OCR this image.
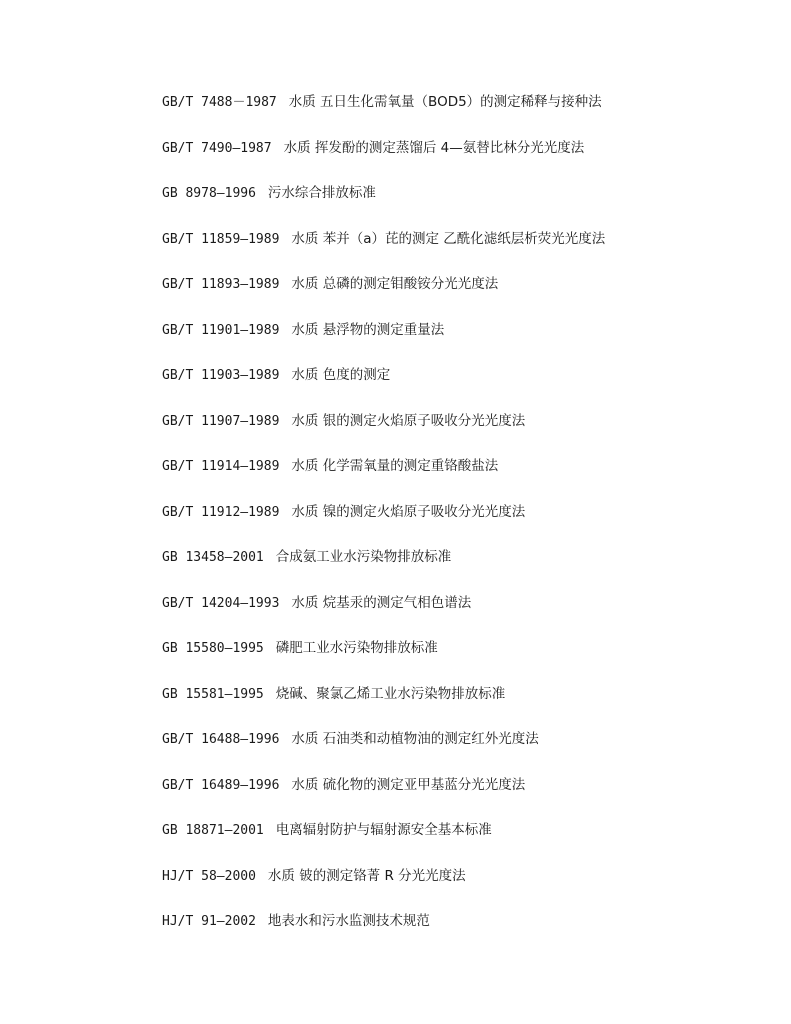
GB/T 7488－1987 水质 五日生化需氧量（BOD5）的测定稀释与接种法
GB/T 7490—1987 水质 挥发酚的测定蒸馏后 4—氨替比林分光光度法
GB 8978—1996 污水综合排放标准
GB/T 11859—1989 水质 苯并（a）芘的测定 乙酰化滤纸层析荧光光度法
GB/T 11893—1989 水质 总磷的测定钼酸铵分光光度法
GB/T 11901—1989 水质 悬浮物的测定重量法
GB/T 11903—1989 水质 色度的测定
GB/T 11907—1989 水质 银的测定火焰原子吸收分光光度法
GB/T 11914—1989 水质 化学需氧量的测定重铬酸盐法
GB/T 11912—1989 水质 镍的测定火焰原子吸收分光光度法
GB 13458—2001 合成氨工业水污染物排放标准
GB/T 14204—1993 水质 烷基汞的测定气相色谱法
GB 15580—1995 磷肥工业水污染物排放标准
GB 15581—1995 烧碱、聚氯乙烯工业水污染物排放标准
GB/T 16488—1996 水质 石油类和动植物油的测定红外光度法
GB/T 16489—1996 水质 硫化物的测定亚甲基蓝分光光度法
GB 18871—2001 电离辐射防护与辐射源安全基本标准
HJ/T 58—2000 水质 铍的测定铬菁 R 分光光度法
HJ/T 91—2002 地表水和污水监测技术规范
